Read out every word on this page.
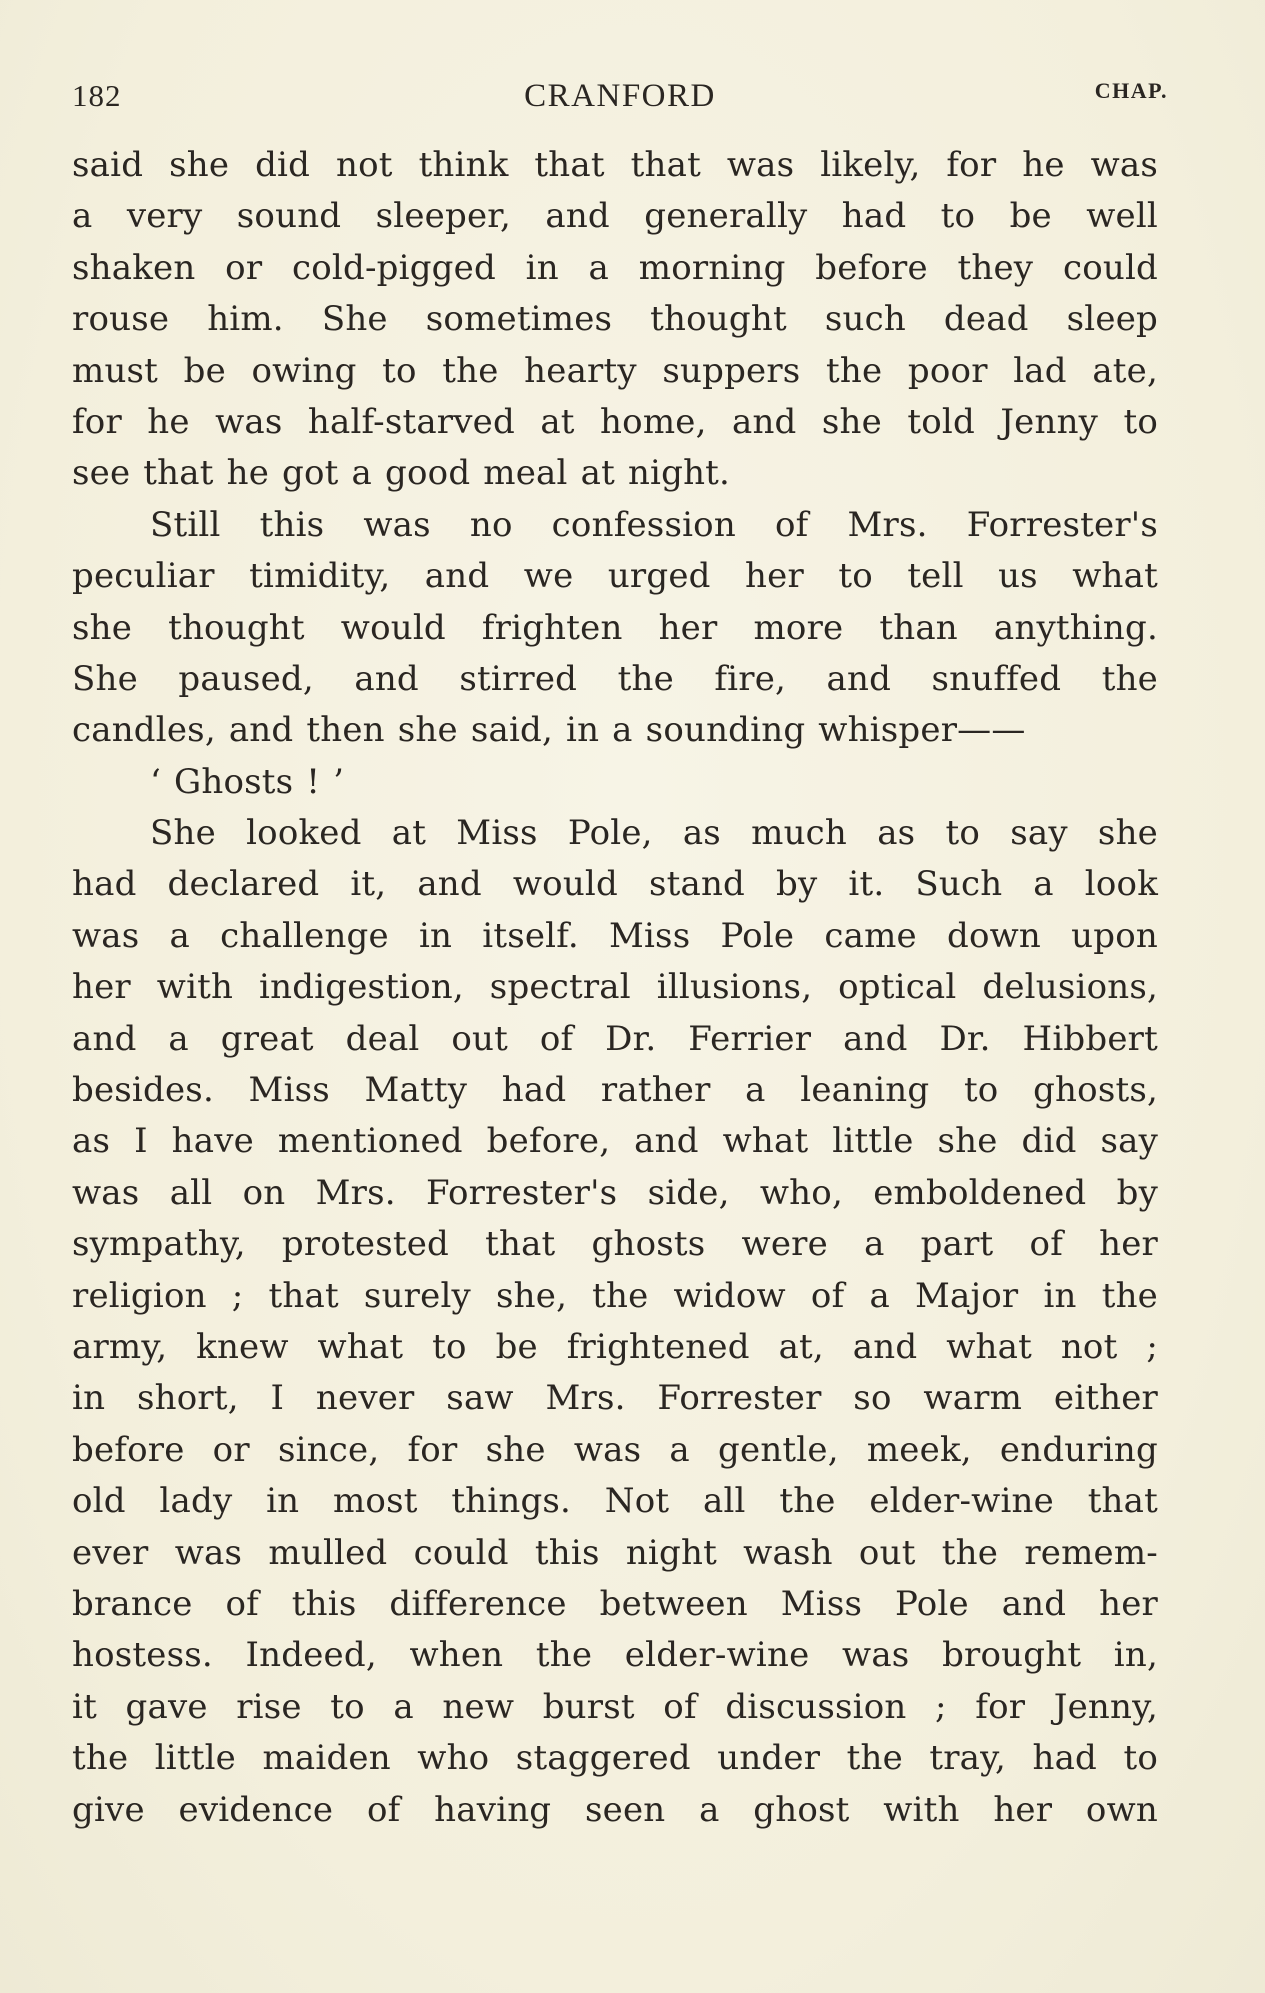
182	CRANFORD	CHAP.
said she did not think that that was likely, for he was
a very sound sleeper, and generally had to be well
shaken or cold-pigged in a morning before they could
rouse him. She sometimes thought such dead sleep
must be owing to the hearty suppers the poor lad ate,
for he was half-starved at home, and she told Jenny to
see that he got a good meal at night.
Still this was no confession of Mrs. Forrester's
peculiar timidity, and we urged her to tell us what
she thought would frighten her more than anything.
She paused, and stirred the fire, and snuffed the
candles, and then she said, in a sounding whisper——
‘ Ghosts ! ’
She looked at Miss Pole, as much as to say she
had declared it, and would stand by it. Such a look
was a challenge in itself. Miss Pole came down upon
her with indigestion, spectral illusions, optical delusions,
and a great deal out of Dr. Ferrier and Dr. Hibbert
besides. Miss Matty had rather a leaning to ghosts,
as I have mentioned before, and what little she did say
was all on Mrs. Forrester's side, who, emboldened by
sympathy, protested that ghosts were a part of her
religion ; that surely she, the widow of a Major in the
army, knew what to be frightened at, and what not ;
in short, I never saw Mrs. Forrester so warm either
before or since, for she was a gentle, meek, enduring
old lady in most things. Not all the elder-wine that
ever was mulled could this night wash out the remem-
brance of this difference between Miss Pole and her
hostess. Indeed, when the elder-wine was brought in,
it gave rise to a new burst of discussion ; for Jenny,
the little maiden who staggered under the tray, had to
give evidence of having seen a ghost with her own
